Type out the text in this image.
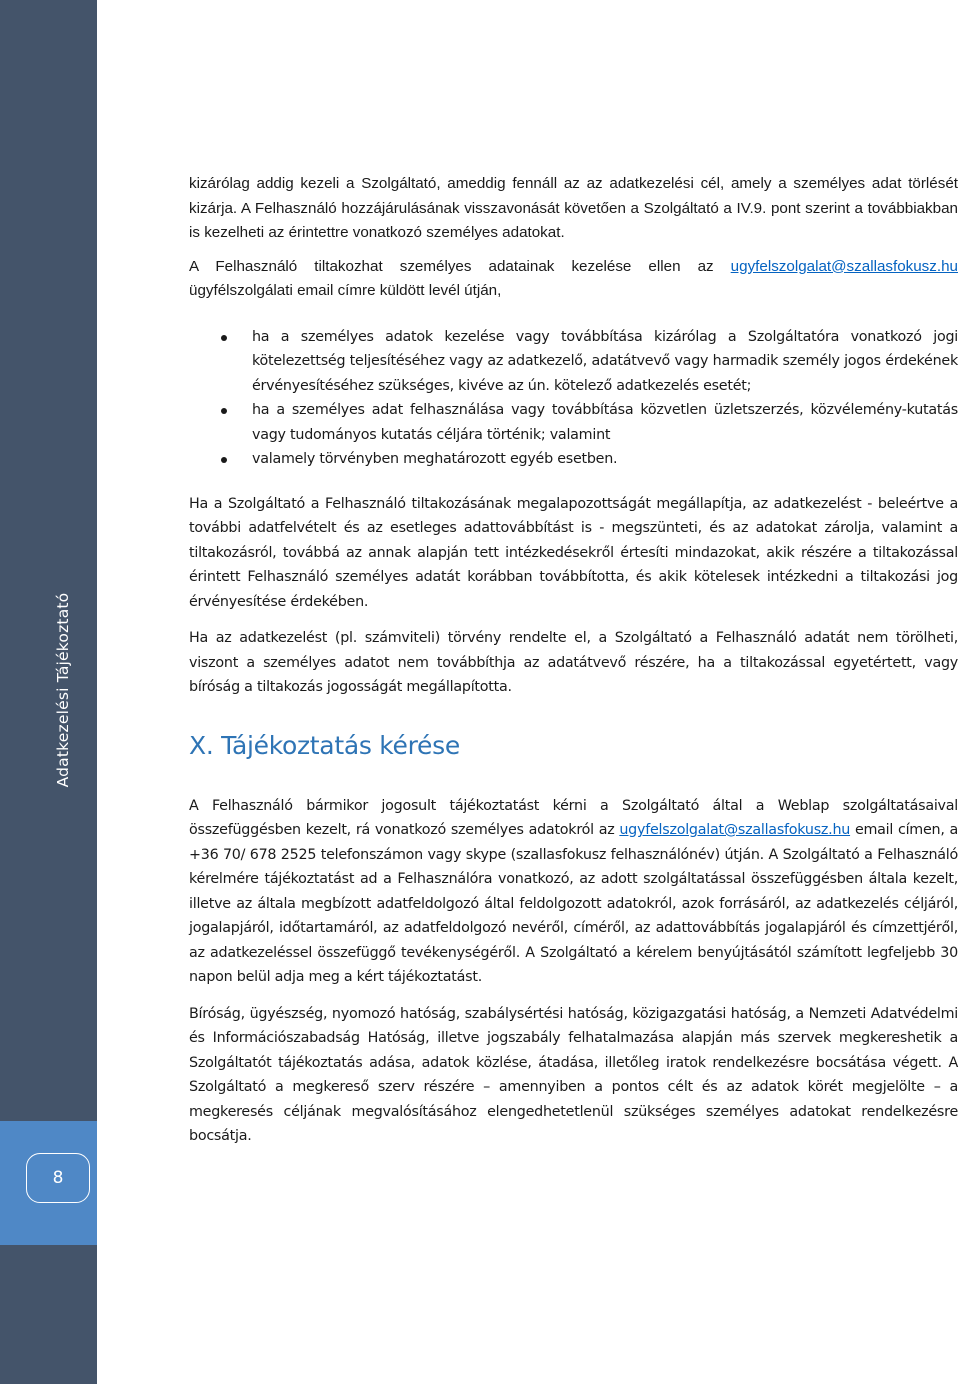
Adatkezelési Tájékoztató
8

kizárólag addig kezeli a Szolgáltató, ameddig fennáll az az adatkezelési cél, amely a személyes adat törlését kizárja. A Felhasználó hozzájárulásának visszavonását követően a Szolgáltató a IV.9. pont szerint a továbbiakban is kezelheti az érintettre vonatkozó személyes adatokat.

A Felhasználó tiltakozhat személyes adatainak kezelése ellen az ugyfelszolgalat@szallasfokusz.hu ügyfélszolgálati email címre küldött levél útján,

ha a személyes adatok kezelése vagy továbbítása kizárólag a Szolgáltatóra vonatkozó jogi kötelezettség teljesítéséhez vagy az adatkezelő, adatátvevő vagy harmadik személy jogos érdekének érvényesítéséhez szükséges, kivéve az ún. kötelező adatkezelés esetét;
ha a személyes adat felhasználása vagy továbbítása közvetlen üzletszerzés, közvélemény-kutatás vagy tudományos kutatás céljára történik; valamint
valamely törvényben meghatározott egyéb esetben.

Ha a Szolgáltató a Felhasználó tiltakozásának megalapozottságát megállapítja, az adatkezelést - beleértve a további adatfelvételt és az esetleges adattovábbítást is - megszünteti, és az adatokat zárolja, valamint a tiltakozásról, továbbá az annak alapján tett intézkedésekről értesíti mindazokat, akik részére a tiltakozással érintett Felhasználó személyes adatát korábban továbbította, és akik kötelesek intézkedni a tiltakozási jog érvényesítése érdekében.

Ha az adatkezelést (pl. számviteli) törvény rendelte el, a Szolgáltató a Felhasználó adatát nem törölheti, viszont a személyes adatot nem továbbíthja az adatátvevő részére, ha a tiltakozással egyetértett, vagy bíróság a tiltakozás jogosságát megállapította.

X. Tájékoztatás kérése

A Felhasználó bármikor jogosult tájékoztatást kérni a Szolgáltató által a Weblap szolgáltatásaival összefüggésben kezelt, rá vonatkozó személyes adatokról az ugyfelszolgalat@szallasfokusz.hu email címen, a +36 70/ 678 2525 telefonszámon vagy skype (szallasfokusz felhasználónév) útján. A Szolgáltató a Felhasználó kérelmére tájékoztatást ad a Felhasználóra vonatkozó, az adott szolgáltatással összefüggésben általa kezelt, illetve az általa megbízott adatfeldolgozó által feldolgozott adatokról, azok forrásáról, az adatkezelés céljáról, jogalapjáról, időtartamáról, az adatfeldolgozó nevéről, címéről, az adattovábbítás jogalapjáról és címzettjéről, az adatkezeléssel összefüggő tevékenységéről. A Szolgáltató a kérelem benyújtásától számított legfeljebb 30 napon belül adja meg a kért tájékoztatást.

Bíróság, ügyészség, nyomozó hatóság, szabálysértési hatóság, közigazgatási hatóság, a Nemzeti Adatvédelmi és Információszabadság Hatóság, illetve jogszabály felhatalmazása alapján más szervek megkereshetik a Szolgáltatót tájékoztatás adása, adatok közlése, átadása, illetőleg iratok rendelkezésre bocsátása végett. A Szolgáltató a megkereső szerv részére – amennyiben a pontos célt és az adatok körét megjelölte – a megkeresés céljának megvalósításához elengedhetetlenül szükséges személyes adatokat rendelkezésre bocsátja.
